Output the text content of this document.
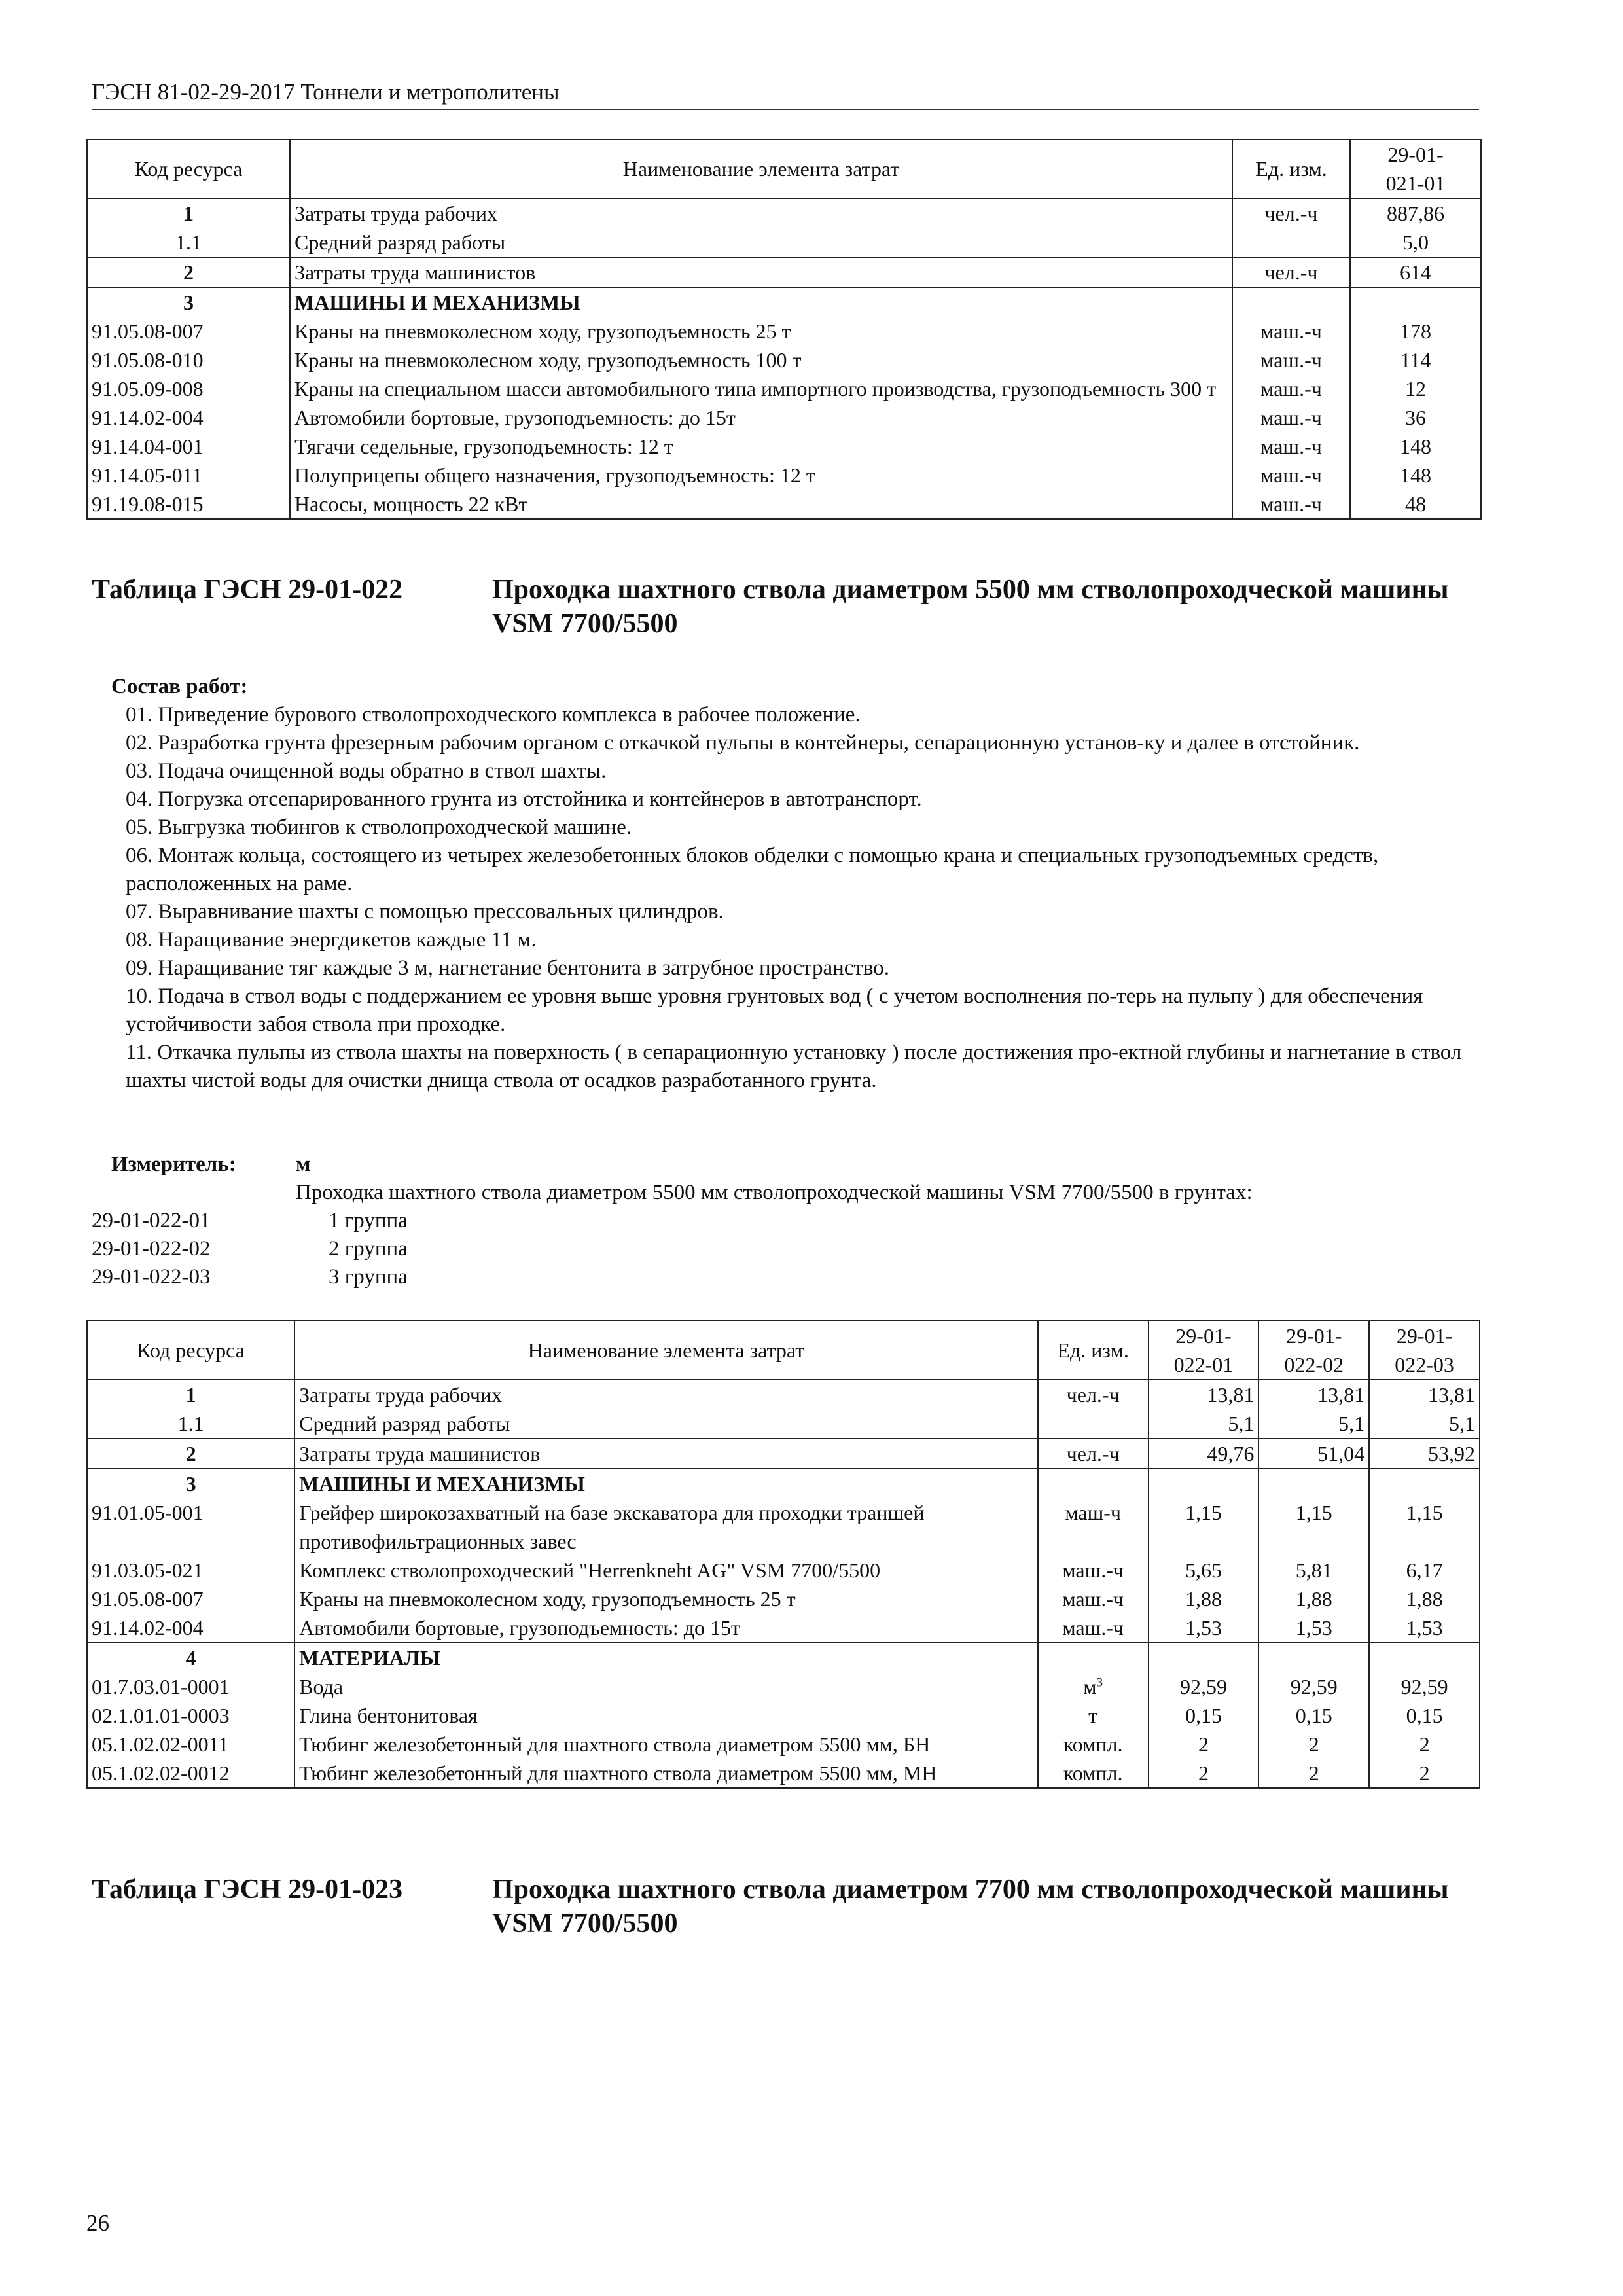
ГЭСН 81-02-29-2017 Тоннели и метрополитены
Код ресурса	Наименование элемента затрат	Ед. изм.	29-01-
021-01
1	Затраты труда рабочих	чел.-ч	887,86
1.1	Средний разряд работы		5,0
2	Затраты труда машинистов	чел.-ч	614
3	МАШИНЫ И МЕХАНИЗМЫ		
91.05.08-007	Краны на пневмоколесном ходу, грузоподъемность 25 т	маш.-ч	178
91.05.08-010	Краны на пневмоколесном ходу, грузоподъемность 100 т	маш.-ч	114
91.05.09-008	Краны на специальном шасси автомобильного типа импортного производства, грузоподъемность 300 т	маш.-ч	12
91.14.02-004	Автомобили бортовые, грузоподъемность: до 15т	маш.-ч	36
91.14.04-001	Тягачи седельные, грузоподъемность: 12 т	маш.-ч	148
91.14.05-011	Полуприцепы общего назначения, грузоподъемность: 12 т	маш.-ч	148
91.19.08-015	Насосы, мощность 22 кВт	маш.-ч	48
Таблица ГЭСН 29-01-022	Проходка шахтного ствола диаметром 5500 мм стволопроходческой машины VSM 7700/5500
Состав работ:
01. Приведение бурового стволопроходческого комплекса в рабочее положение.
02. Разработка грунта фрезерным рабочим органом с откачкой пульпы в контейнеры, сепарационную установ-ку и далее в отстойник.
03. Подача очищенной воды обратно в ствол шахты.
04. Погрузка отсепарированного грунта из отстойника и контейнеров в автотранспорт.
05. Выгрузка тюбингов к стволопроходческой машине.
06. Монтаж кольца, состоящего из четырех железобетонных блоков обделки с помощью крана и специальных грузоподъемных средств, расположенных на раме.
07. Выравнивание шахты с помощью прессовальных цилиндров.
08. Наращивание энергдикетов каждые 11 м.
09. Наращивание тяг каждые 3 м, нагнетание бентонита в затрубное пространство.
10. Подача в ствол воды с поддержанием ее уровня выше уровня грунтовых вод ( с учетом восполнения по-терь на пульпу ) для обеспечения устойчивости забоя ствола при проходке.
11. Откачка пульпы из ствола шахты на поверхность ( в сепарационную установку ) после достижения про-ектной глубины и нагнетание в ствол шахты чистой воды для очистки днища ствола от осадков разработанного грунта.
Измеритель:	м
Проходка шахтного ствола диаметром 5500 мм стволопроходческой машины VSM 7700/5500 в грунтах:
29-01-022-01	1 группа
29-01-022-02	2 группа
29-01-022-03	3 группа
Код ресурса	Наименование элемента затрат	Ед. изм.	29-01-
022-01	29-01-
022-02	29-01-
022-03
1	Затраты труда рабочих	чел.-ч	13,81	13,81	13,81
1.1	Средний разряд работы		5,1	5,1	5,1
2	Затраты труда машинистов	чел.-ч	49,76	51,04	53,92
3	МАШИНЫ И МЕХАНИЗМЫ				
91.01.05-001	Грейфер широкозахватный на базе экскаватора для проходки траншей противофильтрационных завес	маш-ч	1,15	1,15	1,15
91.03.05-021	Комплекс стволопроходческий "Herrenkneht AG" VSM 7700/5500	маш.-ч	5,65	5,81	6,17
91.05.08-007	Краны на пневмоколесном ходу, грузоподъемность 25 т	маш.-ч	1,88	1,88	1,88
91.14.02-004	Автомобили бортовые, грузоподъемность: до 15т	маш.-ч	1,53	1,53	1,53
4	МАТЕРИАЛЫ				
01.7.03.01-0001	Вода	$м^3$	92,59	92,59	92,59
02.1.01.01-0003	Глина бентонитовая	т	0,15	0,15	0,15
05.1.02.02-0011	Тюбинг железобетонный для шахтного ствола диаметром 5500 мм, БН	компл.	2	2	2
05.1.02.02-0012	Тюбинг железобетонный для шахтного ствола диаметром 5500 мм, МН	компл.	2	2	2
Таблица ГЭСН 29-01-023	Проходка шахтного ствола диаметром 7700 мм стволопроходческой машины VSM 7700/5500
26
